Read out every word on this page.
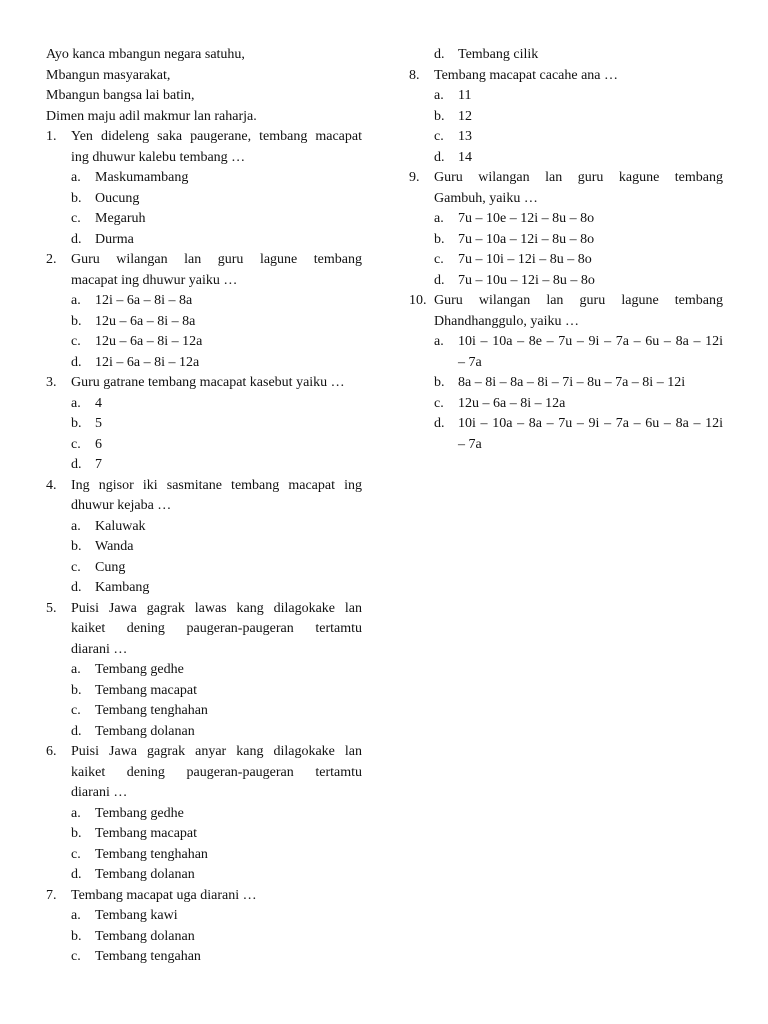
Ayo kanca mbangun negara satuhu,
Mbangun masyarakat,
Mbangun bangsa lai batin,
Dimen maju adil makmur lan raharja.
1.	Yen dideleng saka paugerane, tembang macapat
ing dhuwur kalebu tembang …
a.	Maskumambang
b. Oucung
c.	Megaruh
d. Durma
2.	Guru wilangan lan guru lagune tembang
macapat ing dhuwur yaiku …
a.	12i – 6a – 8i – 8a
b. 12u – 6a – 8i – 8a
c.	12u – 6a – 8i – 12a
d. 12i – 6a – 8i – 12a
3.	Guru gatrane tembang macapat kasebut yaiku …
a.	4
b. 5
c.	6
d. 7
4.	Ing ngisor iki sasmitane tembang macapat ing
dhuwur kejaba …
a.	Kaluwak
b. Wanda
c.	Cung
d. Kambang
5.	Puisi Jawa gagrak lawas kang dilagokake lan
kaiket dening paugeran-paugeran tertamtu
diarani …
a.	Tembang gedhe
b. Tembang macapat
c.	Tembang tenghahan
d. Tembang dolanan
6.	Puisi Jawa gagrak anyar kang dilagokake lan
kaiket dening paugeran-paugeran tertamtu
diarani …
a.	Tembang gedhe
b. Tembang macapat
c.	Tembang tenghahan
d. Tembang dolanan
7.	Tembang macapat uga diarani …
a.	Tembang kawi
b. Tembang dolanan
c.	Tembang tengahan
d. Tembang cilik
8.	Tembang macapat cacahe ana …
a.	11
b. 12
c.	13
d. 14
9.	Guru wilangan lan guru kagune tembang
Gambuh, yaiku …
a.	7u – 10e – 12i – 8u – 8o
b. 7u – 10a – 12i – 8u – 8o
c.	7u – 10i – 12i – 8u – 8o
d. 7u – 10u – 12i – 8u – 8o
10. Guru wilangan lan guru lagune tembang
Dhandhanggulo, yaiku …
a.	10i – 10a – 8e – 7u – 9i – 7a – 6u – 8a – 12i
– 7a
b. 8a – 8i – 8a – 8i – 7i – 8u – 7a – 8i – 12i
c.	12u – 6a – 8i – 12a
d. 10i – 10a – 8a – 7u – 9i – 7a – 6u – 8a – 12i
– 7a
